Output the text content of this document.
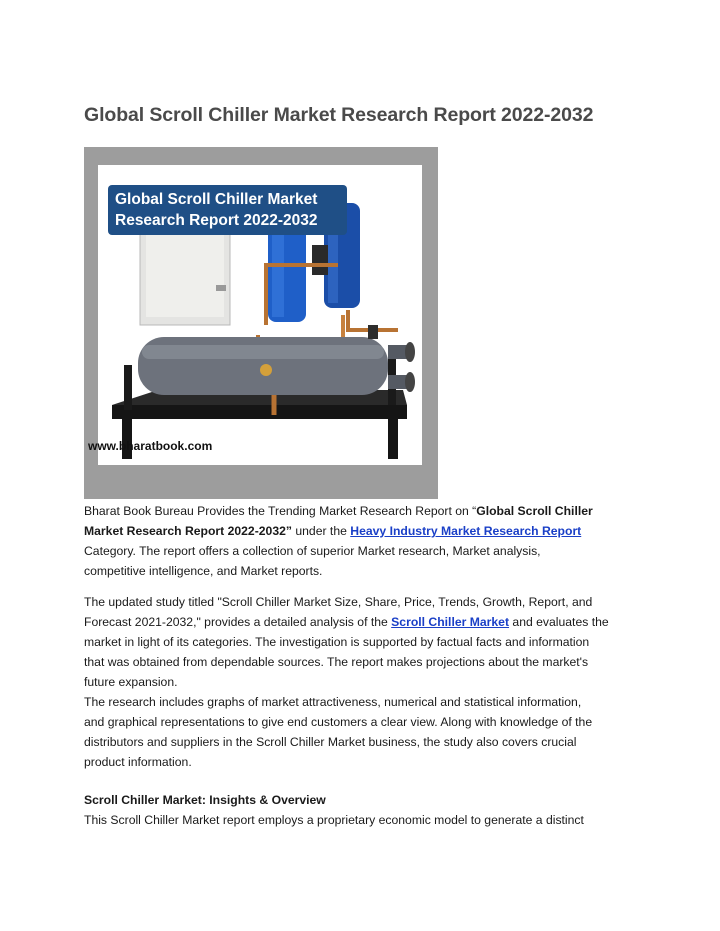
Global Scroll Chiller Market Research Report 2022-2032
Global Scroll Chiller Market
Research Report 2022-2032
www.bharatbook.com
Bharat Book Bureau Provides the Trending Market Research Report on “Global Scroll Chiller
Market Research Report 2022-2032” under the Heavy Industry Market Research Report
Category. The report offers a collection of superior Market research, Market analysis,
competitive intelligence, and Market reports.
The updated study titled "Scroll Chiller Market Size, Share, Price, Trends, Growth, Report, and
Forecast 2021-2032," provides a detailed analysis of the Scroll Chiller Market and evaluates the
market in light of its categories. The investigation is supported by factual facts and information
that was obtained from dependable sources. The report makes projections about the market's
future expansion.
The research includes graphs of market attractiveness, numerical and statistical information,
and graphical representations to give end customers a clear view. Along with knowledge of the
distributors and suppliers in the Scroll Chiller Market business, the study also covers crucial
product information.
Scroll Chiller Market: Insights & Overview
This Scroll Chiller Market report employs a proprietary economic model to generate a distinct
